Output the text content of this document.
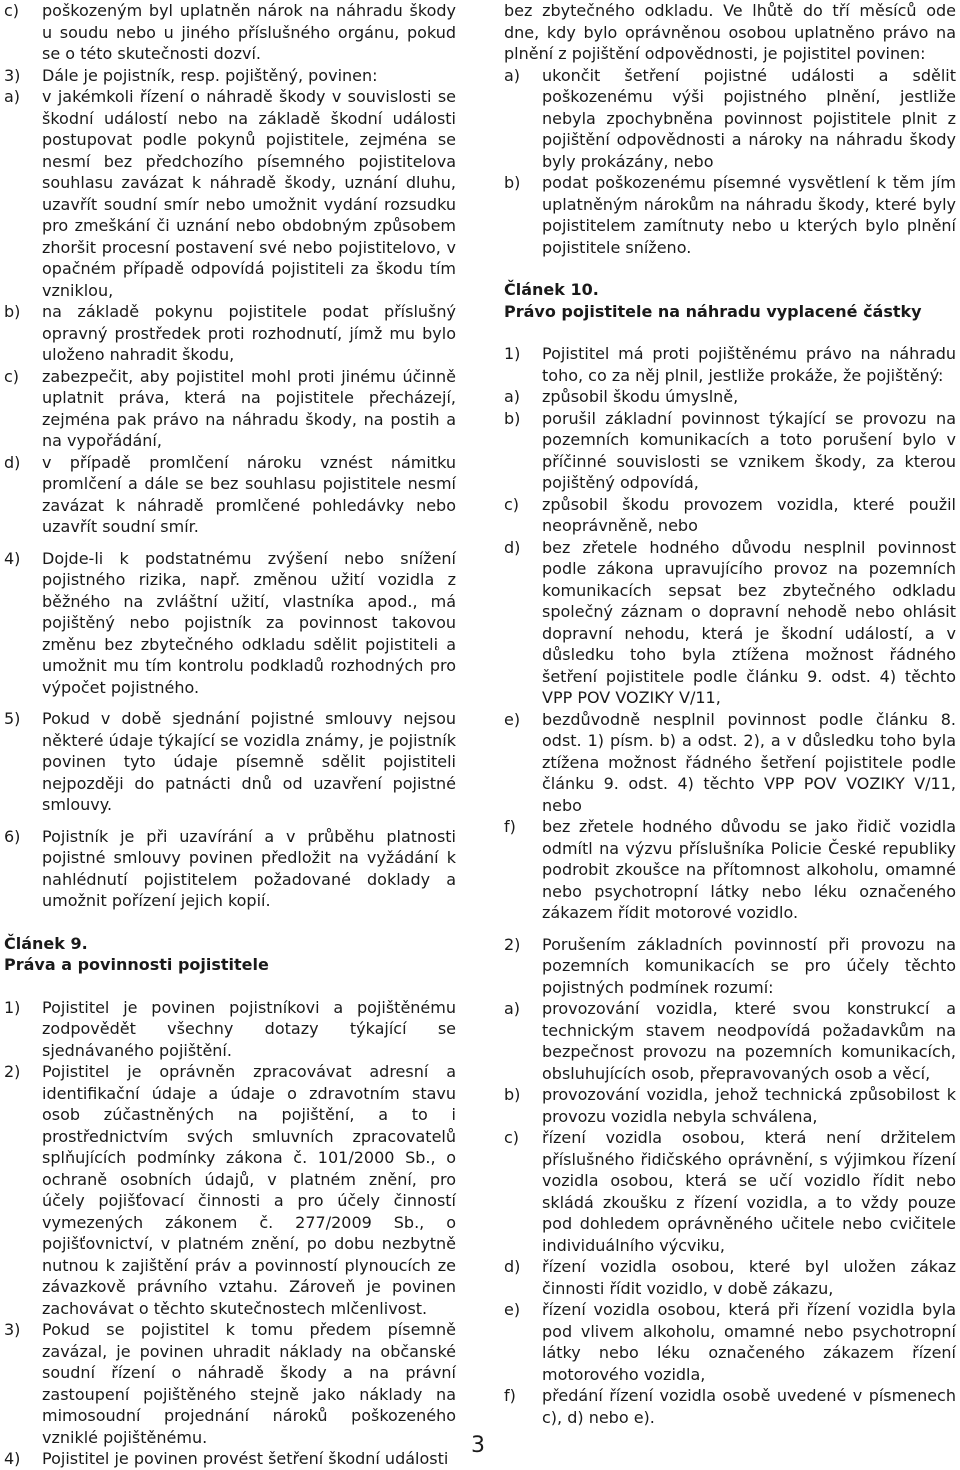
c)	poškozeným byl uplatněn nárok na náhradu škody u soudu nebo u jiného příslušného orgánu, pokud se o této skutečnosti dozví.
3)	Dále je pojistník, resp. pojištěný, povinen:
a)	v jakémkoli řízení o náhradě škody v souvislosti se škodní událostí nebo na základě škodní události postupovat podle pokynů pojistitele, zejména se nesmí bez předchozího písemného pojistitelova souhlasu zavázat k náhradě škody, uznání dluhu, uzavřít soudní smír nebo umožnit vydání rozsudku pro zmeškání či uznání nebo obdobným způsobem zhoršit procesní postavení své nebo pojistitelovo, v opačném případě odpovídá pojistiteli za škodu tím vzniklou,
b)	na základě pokynu pojistitele podat příslušný opravný prostředek proti rozhodnutí, jímž mu bylo uloženo nahradit škodu,
c)	zabezpečit, aby pojistitel mohl proti jinému účinně uplatnit práva, která na pojistitele přecházejí, zejména pak právo na náhradu škody, na postih a na vypořádání,
d)	v případě promlčení nároku vznést námitku promlčení a dále se bez souhlasu pojistitele nesmí zavázat k náhradě promlčené pohledávky nebo uzavřít soudní smír.
4)	Dojde-li k podstatnému zvýšení nebo snížení pojistného rizika, např. změnou užití vozidla z běžného na zvláštní užití, vlastníka apod., má pojištěný nebo pojistník za povinnost takovou změnu bez zbytečného odkladu sdělit pojistiteli a umožnit mu tím kontrolu podkladů rozhodných pro výpočet pojistného.
5)	Pokud v době sjednání pojistné smlouvy nejsou některé údaje týkající se vozidla známy, je pojistník povinen tyto údaje písemně sdělit pojistiteli nejpozději do patnácti dnů od uzavření pojistné smlouvy.
6)	Pojistník je při uzavírání a v průběhu platnosti pojistné smlouvy povinen předložit na vyžádání k nahlédnutí pojistitelem požadované doklady a umožnit pořízení jejich kopií.
Článek 9.
Práva a povinnosti pojistitele
1)	Pojistitel je povinen pojistníkovi a pojištěnému zodpovědět všechny dotazy týkající se sjednávaného pojištění.
2)	Pojistitel je oprávněn zpracovávat adresní a identifikační údaje a údaje o zdravotním stavu osob zúčastněných na pojištění, a to i prostřednictvím svých smluvních zpracovatelů splňujících podmínky zákona č. 101/2000 Sb., o ochraně osobních údajů, v platném znění, pro účely pojišťovací činnosti a pro účely činností vymezených zákonem č. 277/2009 Sb., o pojišťovnictví, v platném znění, po dobu nezbytně nutnou k zajištění práv a povinností plynoucích ze závazkově právního vztahu. Zároveň je povinen zachovávat o těchto skutečnostech mlčenlivost.
3)	Pokud se pojistitel k tomu předem písemně zavázal, je povinen uhradit náklady na občanské soudní řízení o náhradě škody a na právní zastoupení pojištěného stejně jako náklady na mimosoudní projednání nároků poškozeného vzniklé pojištěnému.
4)	Pojistitel je povinen provést šetření škodní události
bez zbytečného odkladu. Ve lhůtě do tří měsíců ode dne, kdy bylo oprávněnou osobou uplatněno právo na plnění z pojištění odpovědnosti, je pojistitel povinen:
a)	ukončit šetření pojistné události a sdělit poškozenému výši pojistného plnění, jestliže nebyla zpochybněna povinnost pojistitele plnit z pojištění odpovědnosti a nároky na náhradu škody byly prokázány, nebo
b)	podat poškozenému písemné vysvětlení k těm jím uplatněným nárokům na náhradu škody, které byly pojistitelem zamítnuty nebo u kterých bylo plnění pojistitele sníženo.
Článek 10.
Právo pojistitele na náhradu vyplacené částky
1)	Pojistitel má proti pojištěnému právo na náhradu toho, co za něj plnil, jestliže prokáže, že pojištěný:
a)	způsobil škodu úmyslně,
b)	porušil základní povinnost týkající se provozu na pozemních komunikacích a toto porušení bylo v příčinné souvislosti se vznikem škody, za kterou pojištěný odpovídá,
c)	způsobil škodu provozem vozidla, které použil neoprávněně, nebo
d)	bez zřetele hodného důvodu nesplnil povinnost podle zákona upravujícího provoz na pozemních komunikacích sepsat bez zbytečného odkladu společný záznam o dopravní nehodě nebo ohlásit dopravní nehodu, která je škodní událostí, a v důsledku toho byla ztížena možnost řádného šetření pojistitele podle článku 9. odst. 4) těchto VPP POV VOZIKY V/11,
e)	bezdůvodně nesplnil povinnost podle článku 8. odst. 1) písm. b) a odst. 2), a v důsledku toho byla ztížena možnost řádného šetření pojistitele podle článku 9. odst. 4) těchto VPP POV VOZIKY V/11, nebo
f)	bez zřetele hodného důvodu se jako řidič vozidla odmítl na výzvu příslušníka Policie České republiky podrobit zkoušce na přítomnost alkoholu, omamné nebo psychotropní látky nebo léku označeného zákazem řídit motorové vozidlo.
2)	Porušením základních povinností při provozu na pozemních komunikacích se pro účely těchto pojistných podmínek rozumí:
a)	provozování vozidla, které svou konstrukcí a technickým stavem neodpovídá požadavkům na bezpečnost provozu na pozemních komunikacích, obsluhujících osob, přepravovaných osob a věcí,
b)	provozování vozidla, jehož technická způsobilost k provozu vozidla nebyla schválena,
c)	řízení vozidla osobou, která není držitelem příslušného řidičského oprávnění, s výjimkou řízení vozidla osobou, která se učí vozidlo řídit nebo skládá zkoušku z řízení vozidla, a to vždy pouze pod dohledem oprávněného učitele nebo cvičitele individuálního výcviku,
d)	řízení vozidla osobou, které byl uložen zákaz činnosti řídit vozidlo, v době zákazu,
e)	řízení vozidla osobou, která při řízení vozidla byla pod vlivem alkoholu, omamné nebo psychotropní látky nebo léku označeného zákazem řízení motorového vozidla,
f)	předání řízení vozidla osobě uvedené v písmenech c), d) nebo e).
3
